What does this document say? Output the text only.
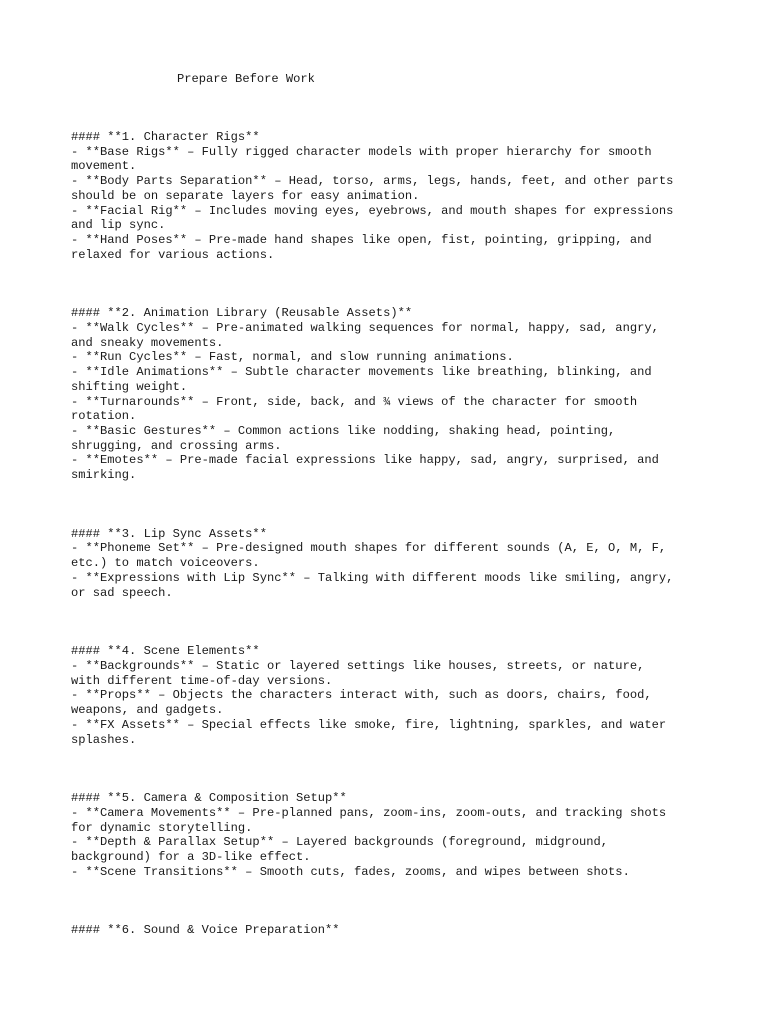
Prepare Before Work
#### **1. Character Rigs**
- **Base Rigs** – Fully rigged character models with proper hierarchy for smooth
movement.
- **Body Parts Separation** – Head, torso, arms, legs, hands, feet, and other parts
should be on separate layers for easy animation.
- **Facial Rig** – Includes moving eyes, eyebrows, and mouth shapes for expressions
and lip sync.
- **Hand Poses** – Pre-made hand shapes like open, fist, pointing, gripping, and
relaxed for various actions.
#### **2. Animation Library (Reusable Assets)**
- **Walk Cycles** – Pre-animated walking sequences for normal, happy, sad, angry,
and sneaky movements.
- **Run Cycles** – Fast, normal, and slow running animations.
- **Idle Animations** – Subtle character movements like breathing, blinking, and
shifting weight.
- **Turnarounds** – Front, side, back, and ¾ views of the character for smooth
rotation.
- **Basic Gestures** – Common actions like nodding, shaking head, pointing,
shrugging, and crossing arms.
- **Emotes** – Pre-made facial expressions like happy, sad, angry, surprised, and
smirking.
#### **3. Lip Sync Assets**
- **Phoneme Set** – Pre-designed mouth shapes for different sounds (A, E, O, M, F,
etc.) to match voiceovers.
- **Expressions with Lip Sync** – Talking with different moods like smiling, angry,
or sad speech.
#### **4. Scene Elements**
- **Backgrounds** – Static or layered settings like houses, streets, or nature,
with different time-of-day versions.
- **Props** – Objects the characters interact with, such as doors, chairs, food,
weapons, and gadgets.
- **FX Assets** – Special effects like smoke, fire, lightning, sparkles, and water
splashes.
#### **5. Camera & Composition Setup**
- **Camera Movements** – Pre-planned pans, zoom-ins, zoom-outs, and tracking shots
for dynamic storytelling.
- **Depth & Parallax Setup** – Layered backgrounds (foreground, midground,
background) for a 3D-like effect.
- **Scene Transitions** – Smooth cuts, fades, zooms, and wipes between shots.
#### **6. Sound & Voice Preparation**
